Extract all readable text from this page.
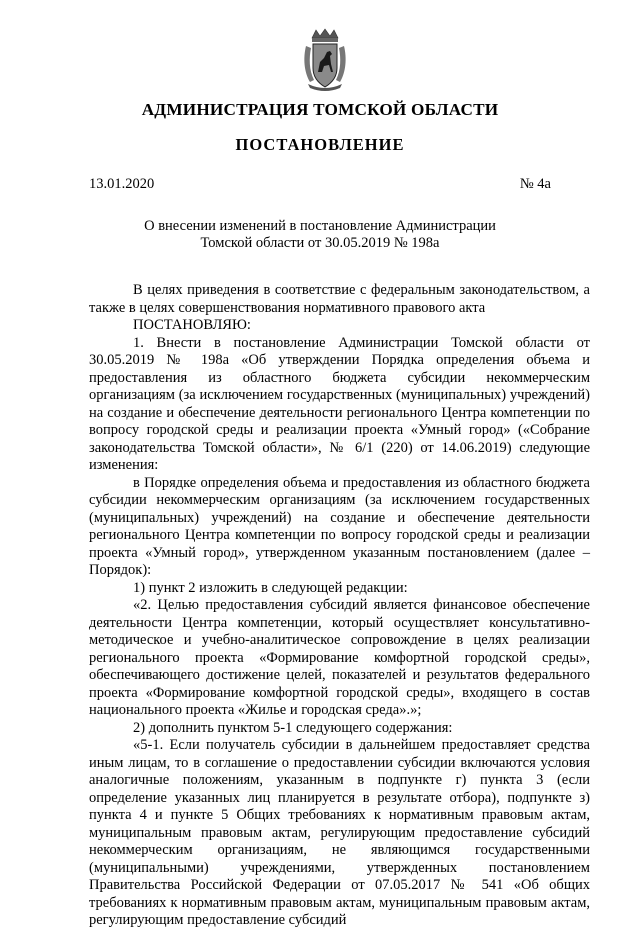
АДМИНИСТРАЦИЯ ТОМСКОЙ ОБЛАСТИ
ПОСТАНОВЛЕНИЕ
13.01.2020	№ 4а
О внесении изменений в постановление Администрации
Томской области от 30.05.2019 № 198а

В целях приведения в соответствие с федеральным законодательством, а также в целях совершенствования нормативного правового акта

ПОСТАНОВЛЯЮ:

1. Внести в постановление Администрации Томской области от 30.05.2019 № 198а «Об утверждении Порядка определения объема и предоставления из областного бюджета субсидии некоммерческим организациям (за исключением государственных (муниципальных) учреждений) на создание и обеспечение деятельности регионального Центра компетенции по вопросу городской среды и реализации проекта «Умный город» («Собрание законодательства Томской области», № 6/1 (220) от 14.06.2019) следующие изменения:

в Порядке определения объема и предоставления из областного бюджета субсидии некоммерческим организациям (за исключением государственных (муниципальных) учреждений) на создание и обеспечение деятельности регионального Центра компетенции по вопросу городской среды и реализации проекта «Умный город», утвержденном указанным постановлением (далее – Порядок):

1) пункт 2 изложить в следующей редакции:

«2. Целью предоставления субсидий является финансовое обеспечение деятельности Центра компетенции, который осуществляет консультативно-методическое и учебно-аналитическое сопровождение в целях реализации регионального проекта «Формирование комфортной городской среды», обеспечивающего достижение целей, показателей и результатов федерального проекта «Формирование комфортной городской среды», входящего в состав национального проекта «Жилье и городская среда».»;

2) дополнить пунктом 5-1 следующего содержания:

«5-1. Если получатель субсидии в дальнейшем предоставляет средства иным лицам, то в соглашение о предоставлении субсидии включаются условия аналогичные положениям, указанным в подпункте г) пункта 3 (если определение указанных лиц планируется в результате отбора), подпункте з) пункта 4 и пункте 5 Общих требованиях к нормативным правовым актам, муниципальным правовым актам, регулирующим предоставление субсидий некоммерческим организациям, не являющимся государственными (муниципальными) учреждениями, утвержденных постановлением Правительства Российской Федерации от 07.05.2017 № 541 «Об общих требованиях к нормативным правовым актам, муниципальным правовым актам, регулирующим предоставление субсидий
